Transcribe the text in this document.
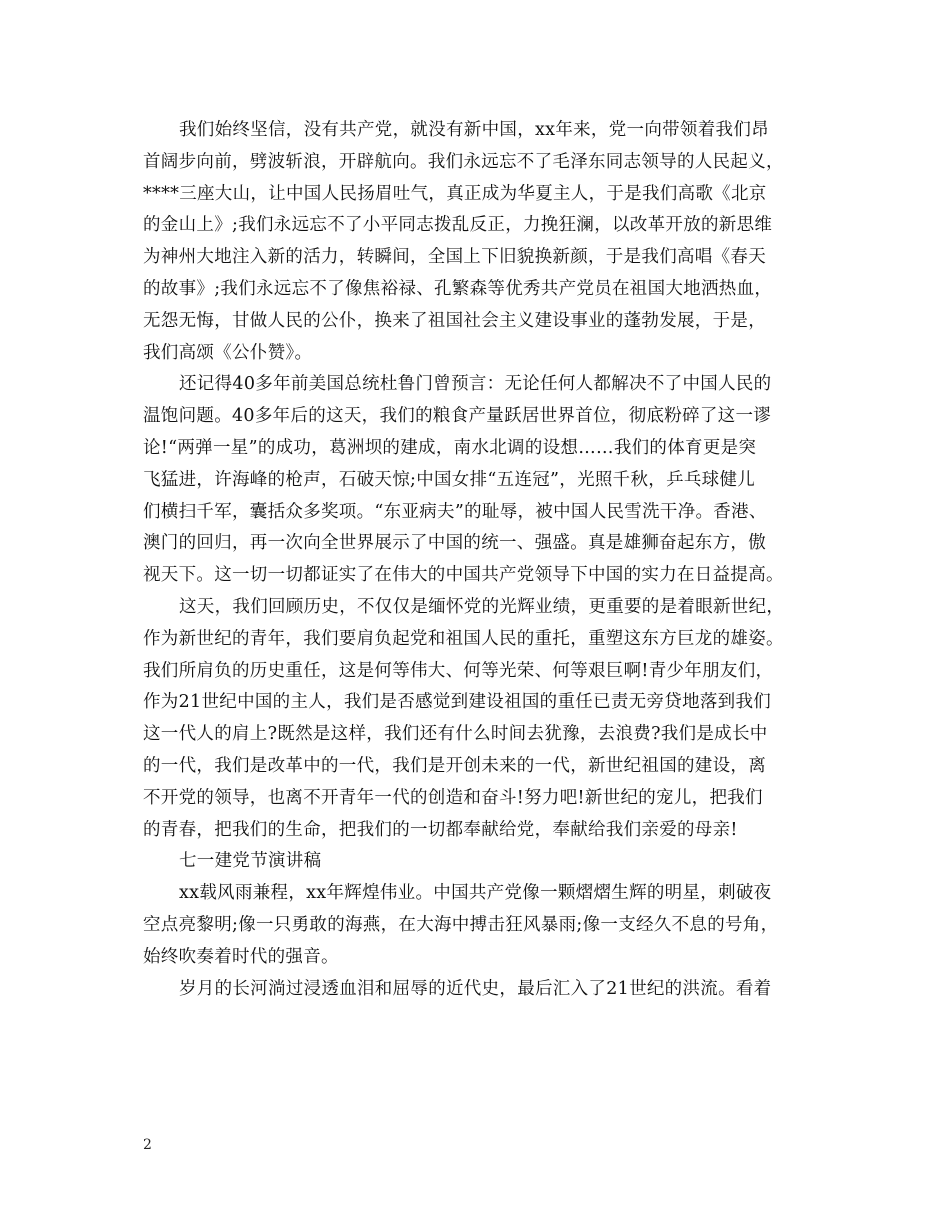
我们始终坚信，没有共产党，就没有新中国，xx年来，党一向带领着我们昂
首阔步向前，劈波斩浪，开辟航向。我们永远忘不了毛泽东同志领导的人民起义，
****三座大山，让中国人民扬眉吐气，真正成为华夏主人，于是我们高歌《北京
的金山上》;我们永远忘不了小平同志拨乱反正，力挽狂澜，以改革开放的新思维
为神州大地注入新的活力，转瞬间，全国上下旧貌换新颜，于是我们高唱《春天
的故事》;我们永远忘不了像焦裕禄、孔繁森等优秀共产党员在祖国大地洒热血，
无怨无悔，甘做人民的公仆，换来了祖国社会主义建设事业的蓬勃发展，于是，
我们高颂《公仆赞》。
还记得40多年前美国总统杜鲁门曾预言：无论任何人都解决不了中国人民的
温饱问题。40多年后的这天，我们的粮食产量跃居世界首位，彻底粉碎了这一谬
论!“两弹一星”的成功，葛洲坝的建成，南水北调的设想……我们的体育更是突
飞猛进，许海峰的枪声，石破天惊;中国女排“五连冠”，光照千秋，乒乓球健儿
们横扫千军，囊括众多奖项。“东亚病夫”的耻辱，被中国人民雪洗干净。香港、
澳门的回归，再一次向全世界展示了中国的统一、强盛。真是雄狮奋起东方，傲
视天下。这一切一切都证实了在伟大的中国共产党领导下中国的实力在日益提高。
这天，我们回顾历史，不仅仅是缅怀党的光辉业绩，更重要的是着眼新世纪，
作为新世纪的青年，我们要肩负起党和祖国人民的重托，重塑这东方巨龙的雄姿。
我们所肩负的历史重任，这是何等伟大、何等光荣、何等艰巨啊!青少年朋友们，
作为21世纪中国的主人，我们是否感觉到建设祖国的重任已责无旁贷地落到我们
这一代人的肩上?既然是这样，我们还有什么时间去犹豫，去浪费?我们是成长中
的一代，我们是改革中的一代，我们是开创未来的一代，新世纪祖国的建设，离
不开党的领导，也离不开青年一代的创造和奋斗!努力吧!新世纪的宠儿，把我们
的青春，把我们的生命，把我们的一切都奉献给党，奉献给我们亲爱的母亲!
七一建党节演讲稿
xx载风雨兼程，xx年辉煌伟业。中国共产党像一颗熠熠生辉的明星，刺破夜
空点亮黎明;像一只勇敢的海燕，在大海中搏击狂风暴雨;像一支经久不息的号角，
始终吹奏着时代的强音。
岁月的长河淌过浸透血泪和屈辱的近代史，最后汇入了21世纪的洪流。看着
2
